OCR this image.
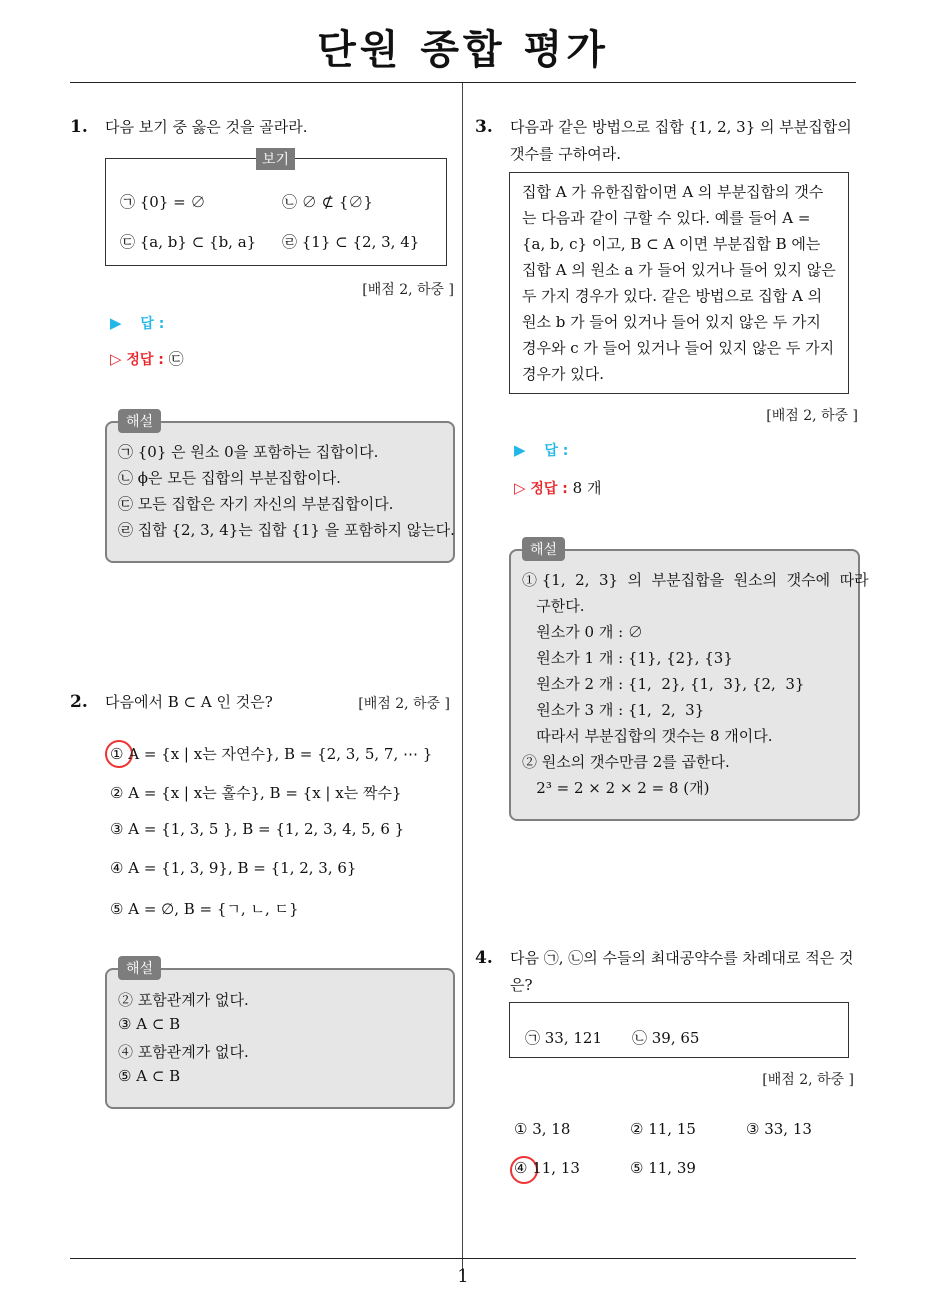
단원 종합 평가
1. 다음 보기 중 옳은 것을 골라라.
보기
㉠ {0} = ∅	㉡ ∅ ⊄ {∅}
㉢ {a, b} ⊂ {b, a} ㉣ {1} ⊂ {2, 3, 4}
[배점 2, 하중 ]
▶ 답 :
▷ 정답 : ㉢
해설
㉠ {0} 은 원소 0을 포함하는 집합이다.
㉡ ϕ은 모든 집합의 부분집합이다.
㉢ 모든 집합은 자기 자신의 부분집합이다.
㉣ 집합 {2, 3, 4}는 집합 {1} 을 포함하지 않는다.
2. 다음에서 B ⊂ A 인 것은?	[배점 2, 하중 ]
① A = {x | x는 자연수}, B = {2, 3, 5, 7, ⋯ }
② A = {x | x는 홀수}, B = {x | x는 짝수}
③ A = {1, 3, 5 }, B = {1, 2, 3, 4, 5, 6 }
④ A = {1, 3, 9}, B = {1, 2, 3, 6}
⑤ A = ∅, B = {ㄱ, ㄴ, ㄷ}
해설
② 포함관계가 없다.
③ A ⊂ B
④ 포함관계가 없다.
⑤ A ⊂ B
3. 다음과 같은 방법으로 집합 {1, 2, 3} 의 부분집합의
갯수를 구하여라.
집합 A 가 유한집합이면 A 의 부분집합의 갯수
는 다음과 같이 구할 수 있다. 예를 들어 A =
{a, b, c} 이고, B ⊂ A 이면 부분집합 B 에는
집합 A 의 원소 a 가 들어 있거나 들어 있지 않은
두 가지 경우가 있다. 같은 방법으로 집합 A 의
원소 b 가 들어 있거나 들어 있지 않은 두 가지
경우와 c 가 들어 있거나 들어 있지 않은 두 가지
경우가 있다.
[배점 2, 하중 ]
▶ 답 :
▷ 정답 : 8 개
해설
① {1,  2,  3}  의  부분집합을  원소의  갯수에  따라
구한다.
원소가 0 개 : ∅
원소가 1 개 : {1}, {2}, {3}
원소가 2 개 : {1,  2}, {1,  3}, {2,  3}
원소가 3 개 : {1,  2,  3}
따라서 부분집합의 갯수는 8 개이다.
② 원소의 갯수만큼 2를 곱한다.
2³ = 2 × 2 × 2 = 8 (개)
4. 다음 ㉠, ㉡의 수들의 최대공약수를 차례대로 적은 것
은?
㉠ 33, 121 ㉡ 39, 65
[배점 2, 하중 ]
① 3, 18	② 11, 15	③ 33, 13
④ 11, 13	⑤ 11, 39
1
